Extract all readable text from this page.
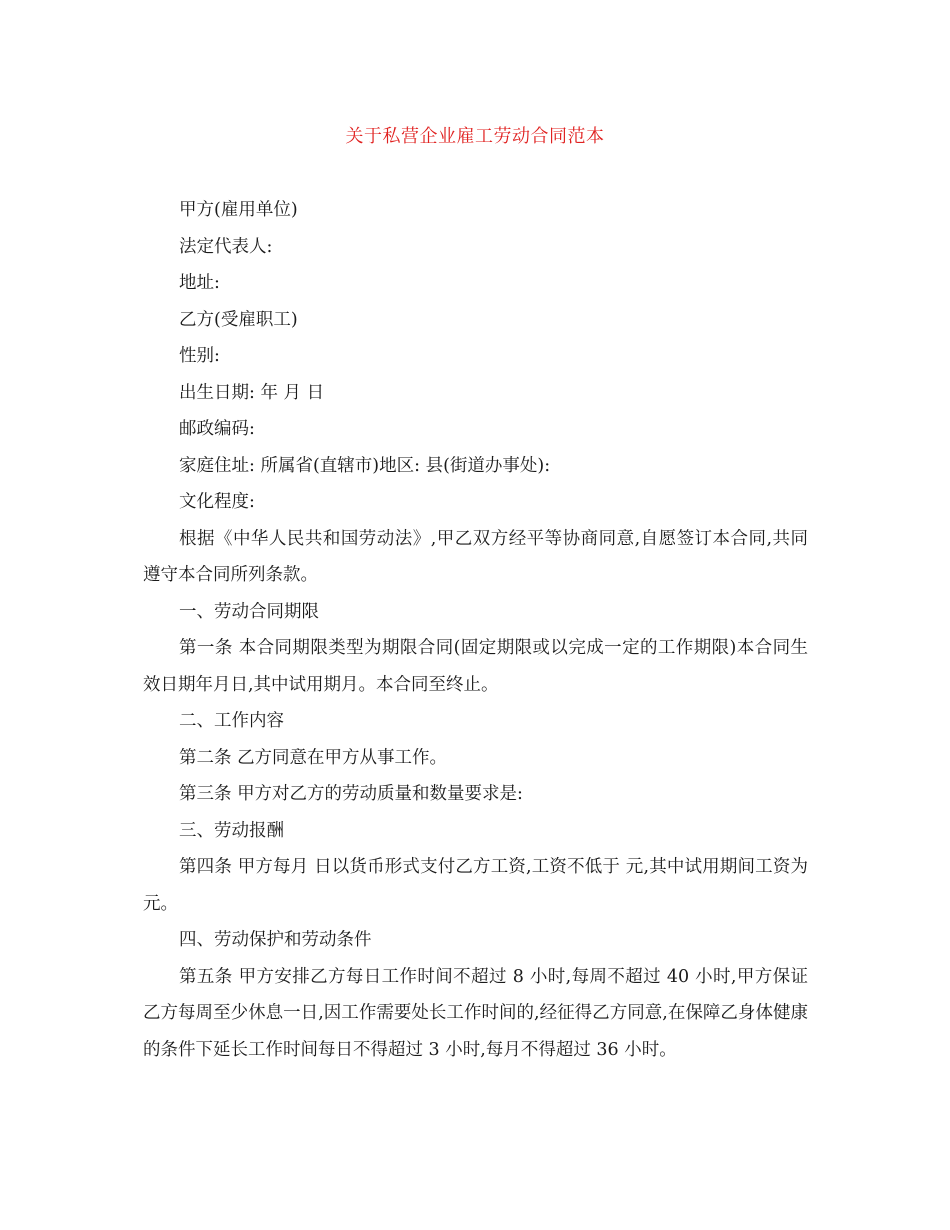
关于私营企业雇工劳动合同范本

甲方(雇用单位)

法定代表人:

地址:

乙方(受雇职工)

性别:

出生日期: 年 月 日

邮政编码:

家庭住址: 所属省(直辖市)地区: 县(街道办事处):

文化程度:

根据《中华人民共和国劳动法》,甲乙双方经平等协商同意,自愿签订本合同,共同遵守本合同所列条款。

一、劳动合同期限

第一条 本合同期限类型为期限合同(固定期限或以完成一定的工作期限)本合同生效日期年月日,其中试用期月。本合同至终止。

二、工作内容

第二条 乙方同意在甲方从事工作。

第三条 甲方对乙方的劳动质量和数量要求是:

三、劳动报酬

第四条 甲方每月 日以货币形式支付乙方工资,工资不低于 元,其中试用期间工资为 元。

四、劳动保护和劳动条件

第五条 甲方安排乙方每日工作时间不超过 8 小时,每周不超过 40 小时,甲方保证乙方每周至少休息一日,因工作需要处长工作时间的,经征得乙方同意,在保障乙身体健康的条件下延长工作时间每日不得超过 3 小时,每月不得超过 36 小时。
